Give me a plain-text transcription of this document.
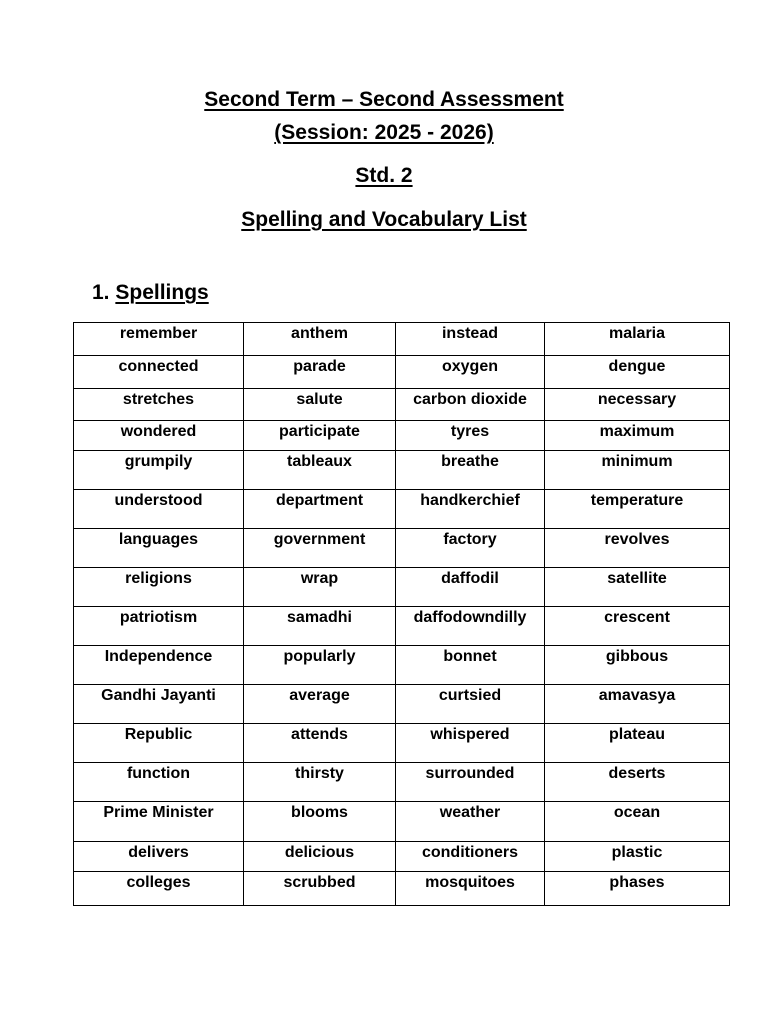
Second Term – Second Assessment
(Session: 2025 - 2026)
Std. 2
Spelling and Vocabulary List
1. Spellings
remember	anthem	instead	malaria
connected	parade	oxygen	dengue
stretches	salute	carbon dioxide	necessary
wondered	participate	tyres	maximum
grumpily	tableaux	breathe	minimum
understood	department	handkerchief	temperature
languages	government	factory	revolves
religions	wrap	daffodil	satellite
patriotism	samadhi	daffodowndilly	crescent
Independence	popularly	bonnet	gibbous
Gandhi Jayanti	average	curtsied	amavasya
Republic	attends	whispered	plateau
function	thirsty	surrounded	deserts
Prime Minister	blooms	weather	ocean
delivers	delicious	conditioners	plastic
colleges	scrubbed	mosquitoes	phases
